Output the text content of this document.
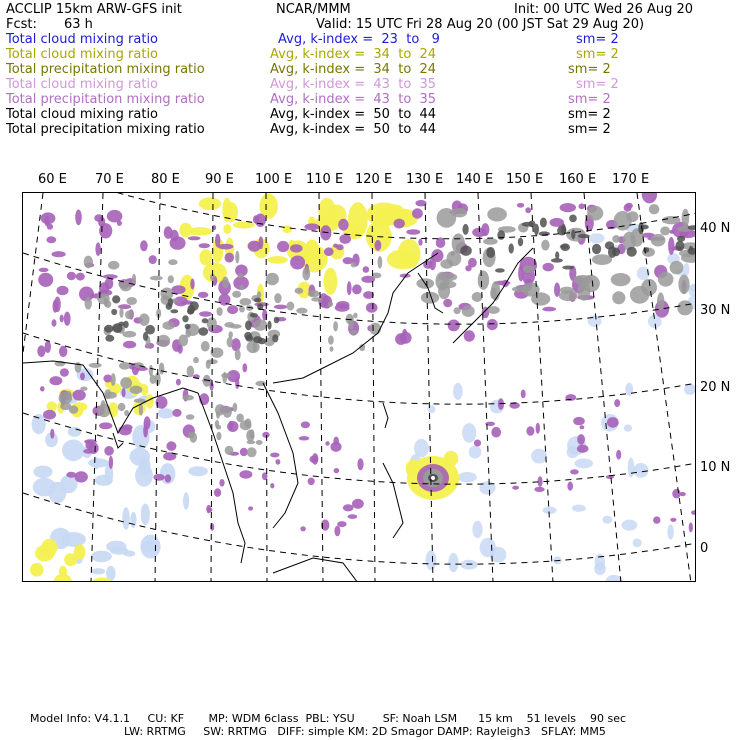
ACCLIP 15km ARW-GFS init	NCAR/MMM	Init: 00 UTC Wed 26 Aug 20
Fcst: 63 h	Valid: 15 UTC Fri 28 Aug 20 (00 JST Sat 29 Aug 20)
Total cloud mixing ratio	Avg, k-index =  23  to   9	sm= 2
Total cloud mixing ratio	Avg, k-index =  34  to  24	sm= 2
Total precipitation mixing ratio	Avg, k-index =  34  to  24	sm= 2
Total cloud mixing ratio	Avg, k-index =  43  to  35	sm= 2
Total precipitation mixing ratio	Avg, k-index =  43  to  35	sm= 2
Total cloud mixing ratio	Avg, k-index =  50  to  44	sm= 2
Total precipitation mixing ratio	Avg, k-index =  50  to  44	sm= 2
60 E 70 E 80 E 90 E 100 E 110 E 120 E 130 E 140 E 150 E 160 E 170 E
40 N
30 N
20 N
10 N
0
Model Info: V4.1.1     CU: KF       MP: WDM 6class  PBL: YSU        SF: Noah LSM      15 km    51 levels    90 sec
LW: RRTMG     SW: RRTMG   DIFF: simple KM: 2D Smagor DAMP: Rayleigh3   SFLAY: MM5
